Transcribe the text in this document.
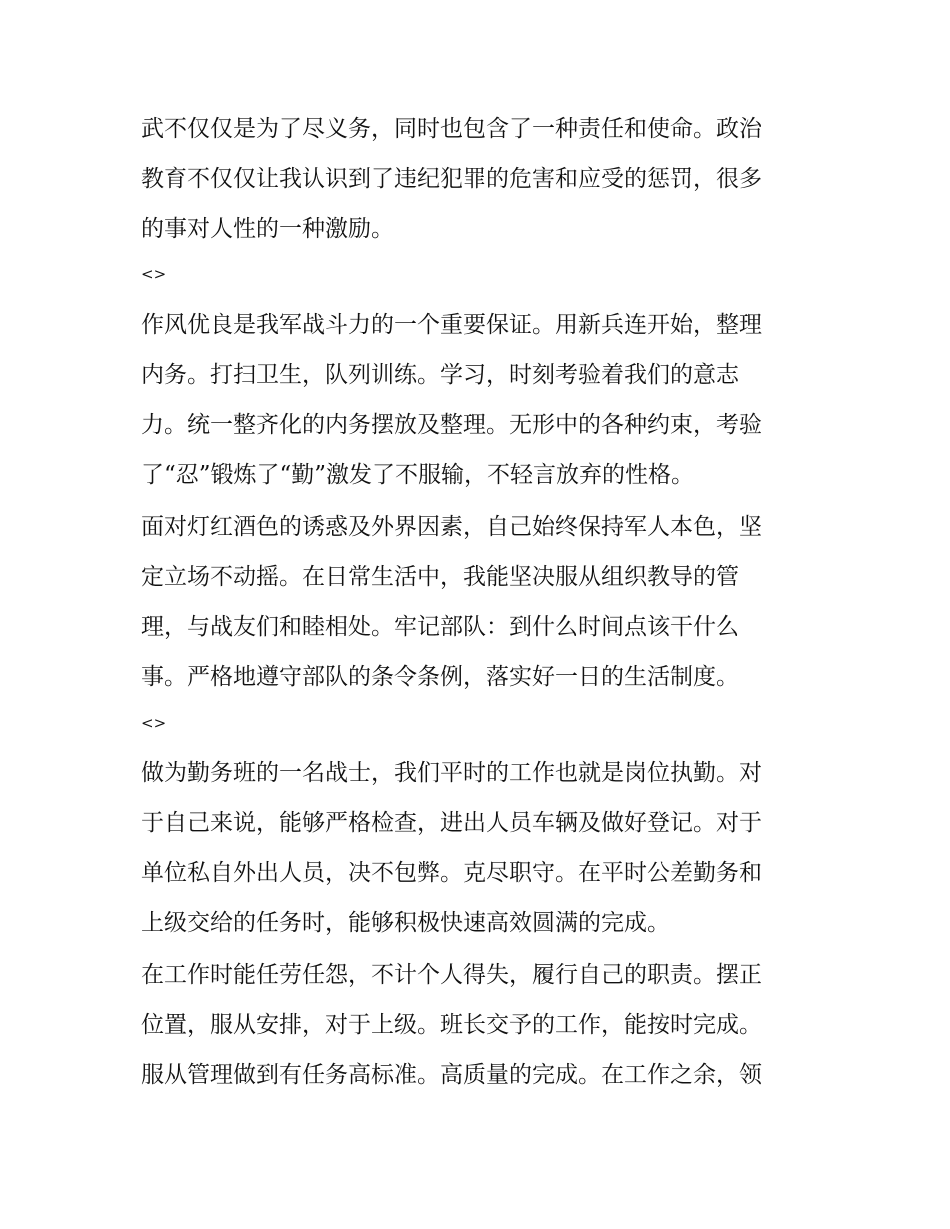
武不仅仅是为了尽义务，同时也包含了一种责任和使命。政治
教育不仅仅让我认识到了违纪犯罪的危害和应受的惩罚，很多
的事对人性的一种激励。
<>
作风优良是我军战斗力的一个重要保证。用新兵连开始，整理
内务。打扫卫生，队列训练。学习，时刻考验着我们的意志
力。统一整齐化的内务摆放及整理。无形中的各种约束，考验
了“忍”锻炼了“勤”激发了不服输，不轻言放弃的性格。
面对灯红酒色的诱惑及外界因素，自己始终保持军人本色，坚
定立场不动摇。在日常生活中，我能坚决服从组织教导的管
理，与战友们和睦相处。牢记部队：到什么时间点该干什么
事。严格地遵守部队的条令条例，落实好一日的生活制度。
<>
做为勤务班的一名战士，我们平时的工作也就是岗位执勤。对
于自己来说，能够严格检查，进出人员车辆及做好登记。对于
单位私自外出人员，决不包弊。克尽职守。在平时公差勤务和
上级交给的任务时，能够积极快速高效圆满的完成。
在工作时能任劳任怨，不计个人得失，履行自己的职责。摆正
位置，服从安排，对于上级。班长交予的工作，能按时完成。
服从管理做到有任务高标准。高质量的完成。在工作之余，领
